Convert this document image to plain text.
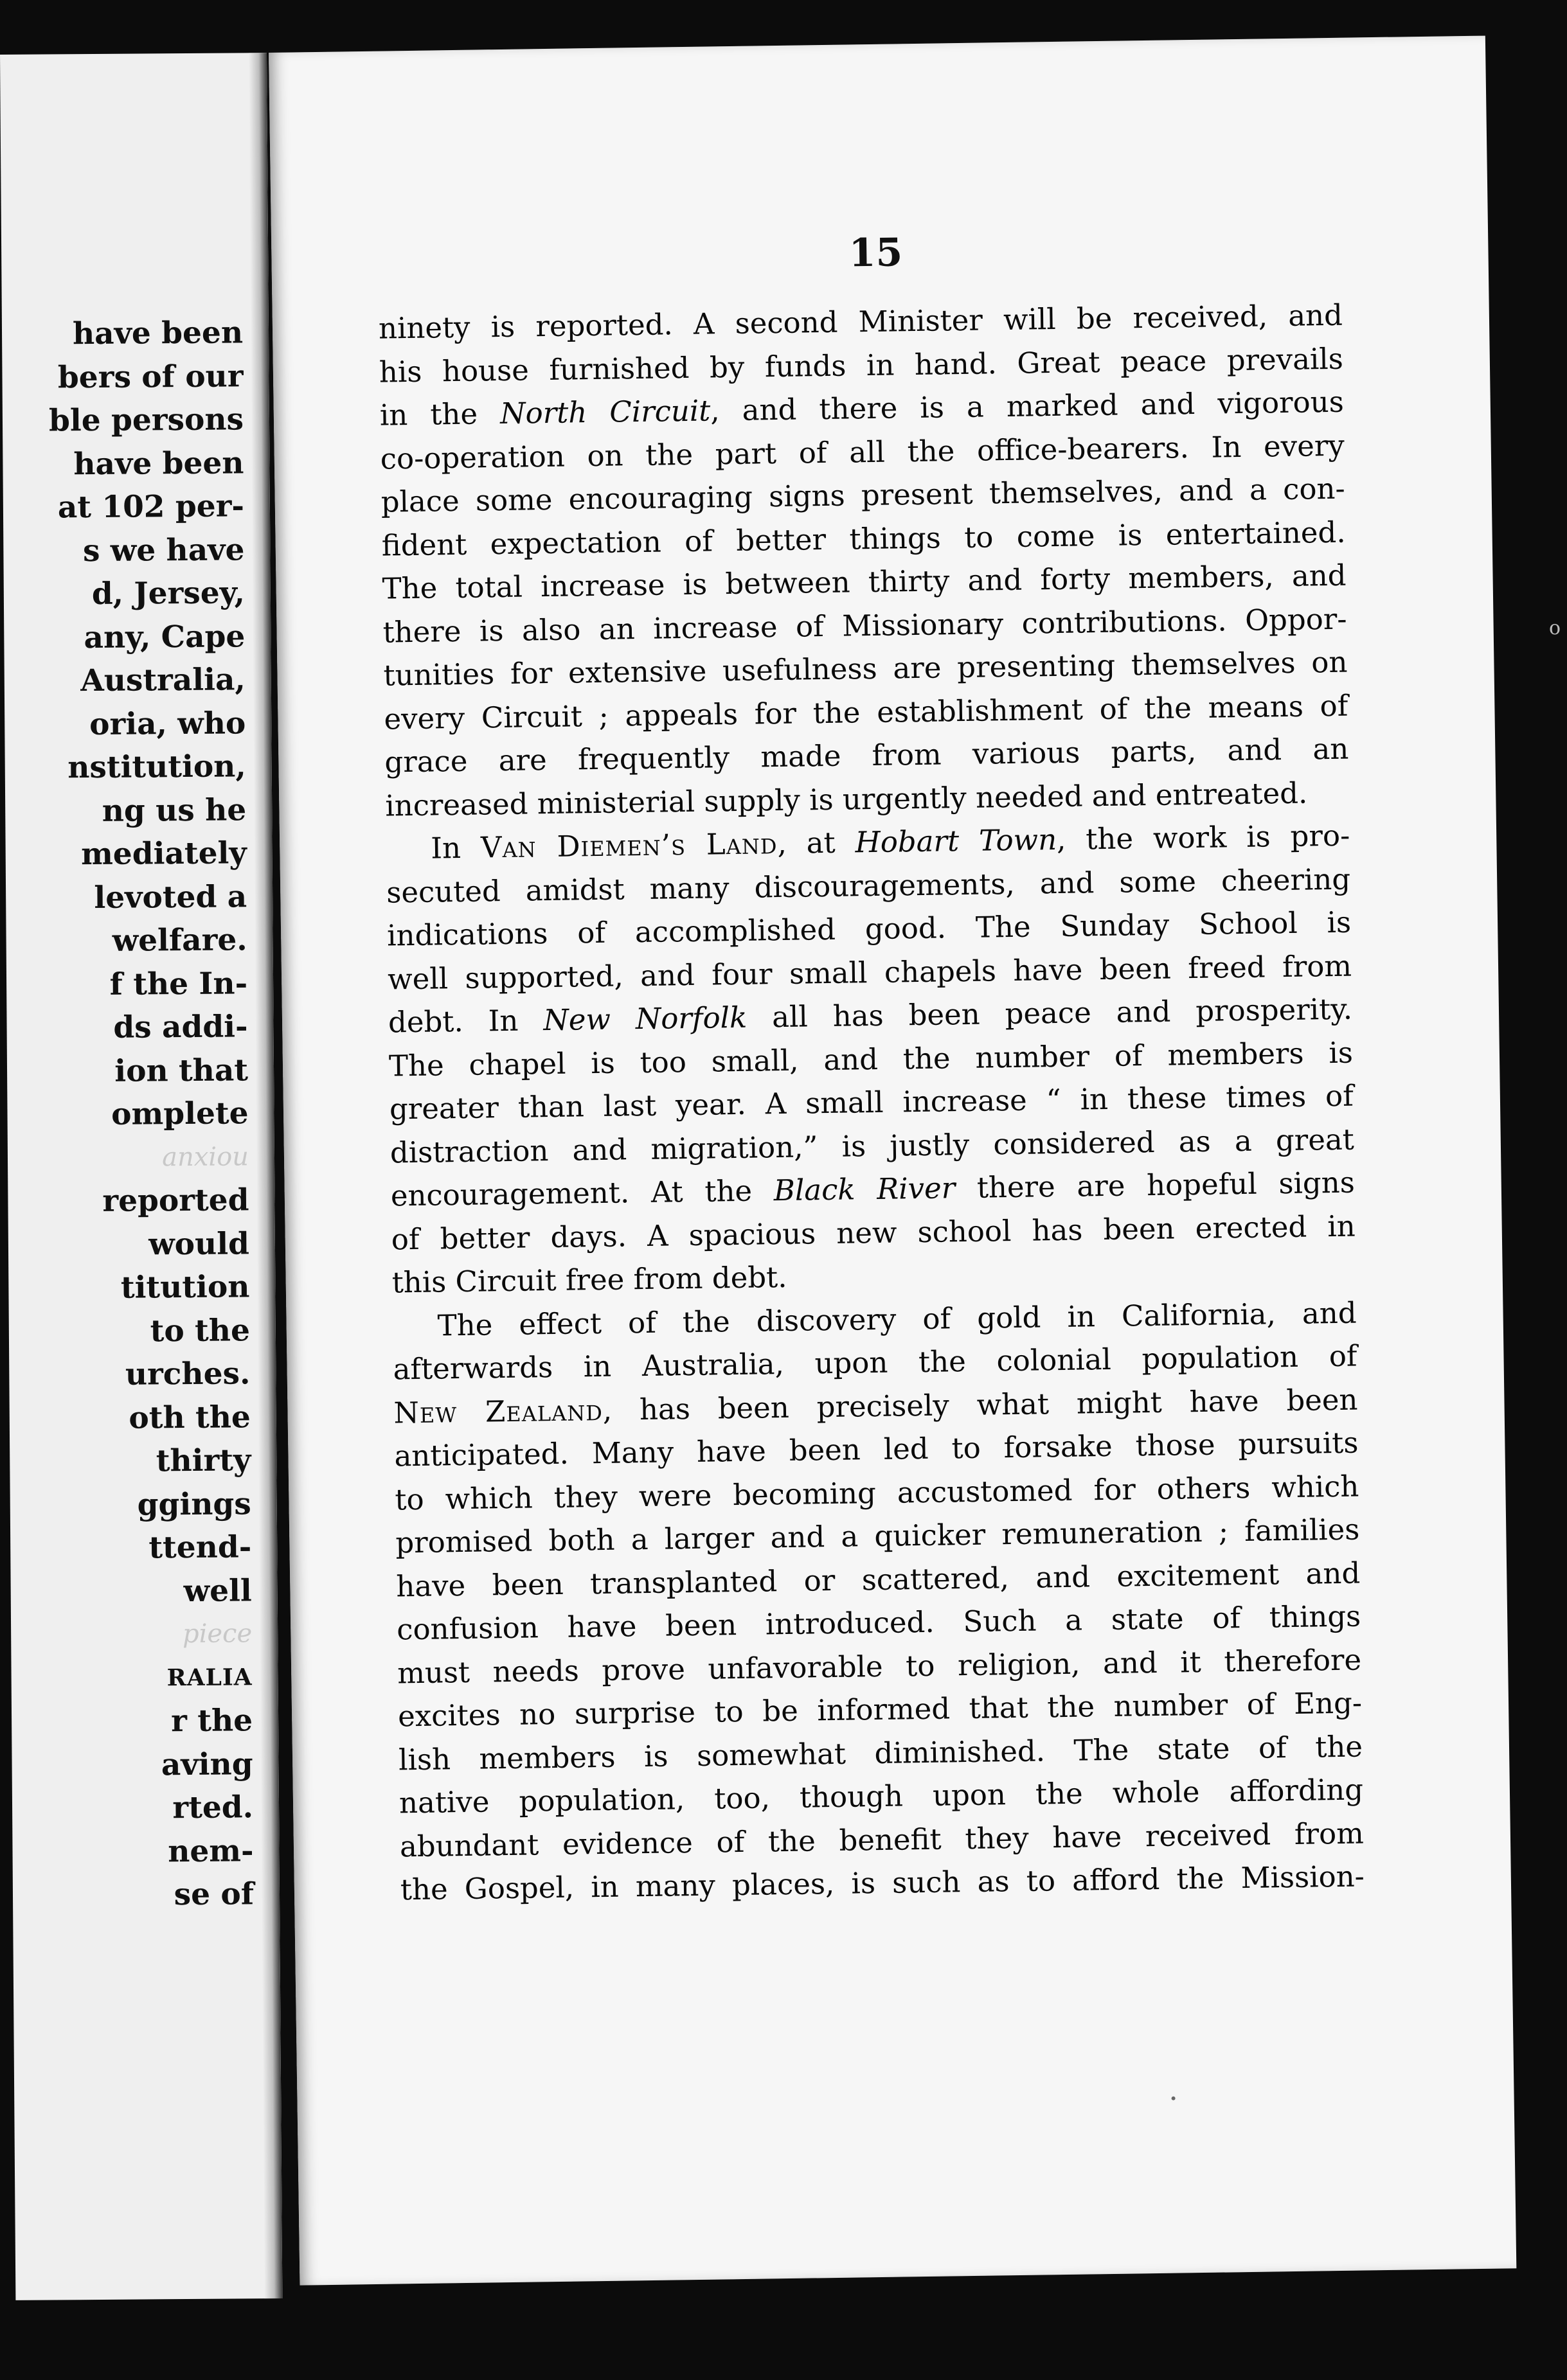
have been
bers of our
ble persons
have been
at 102 per-
s we have
d, Jersey,
any, Cape
Australia,
oria, who
nstitution,
ng us he
mediately
levoted a
welfare.
f the In-
ds addi-
ion that
omplete
anxiou
reported
would
titution
to the
urches.
oth the
thirty
ggings
ttend-
well
piece
RALIA
r the
aving
rted.
nem-
se of
15
ninety is reported. A second Minister will be received, and
his house furnished by funds in hand. Great peace prevails
in the North Circuit, and there is a marked and vigorous
co-operation on the part of all the office-bearers. In every
place some encouraging signs present themselves, and a con-
fident expectation of better things to come is entertained.
The total increase is between thirty and forty members, and
there is also an increase of Missionary contributions. Oppor-
tunities for extensive usefulness are presenting themselves on
every Circuit ; appeals for the establishment of the means of
grace are frequently made from various parts, and an
increased ministerial supply is urgently needed and entreated.
In Van Diemen’s Land, at Hobart Town, the work is pro-
secuted amidst many discouragements, and some cheering
indications of accomplished good. The Sunday School is
well supported, and four small chapels have been freed from
debt. In New Norfolk all has been peace and prosperity.
The chapel is too small, and the number of members is
greater than last year. A small increase “ in these times of
distraction and migration,” is justly considered as a great
encouragement. At the Black River there are hopeful signs
of better days. A spacious new school has been erected in
this Circuit free from debt.
The effect of the discovery of gold in California, and
afterwards in Australia, upon the colonial population of
New Zealand, has been precisely what might have been
anticipated. Many have been led to forsake those pursuits
to which they were becoming accustomed for others which
promised both a larger and a quicker remuneration ; families
have been transplanted or scattered, and excitement and
confusion have been introduced. Such a state of things
must needs prove unfavorable to religion, and it therefore
excites no surprise to be informed that the number of Eng-
lish members is somewhat diminished. The state of the
native population, too, though upon the whole affording
abundant evidence of the benefit they have received from
the Gospel, in many places, is such as to afford the Mission-
o
